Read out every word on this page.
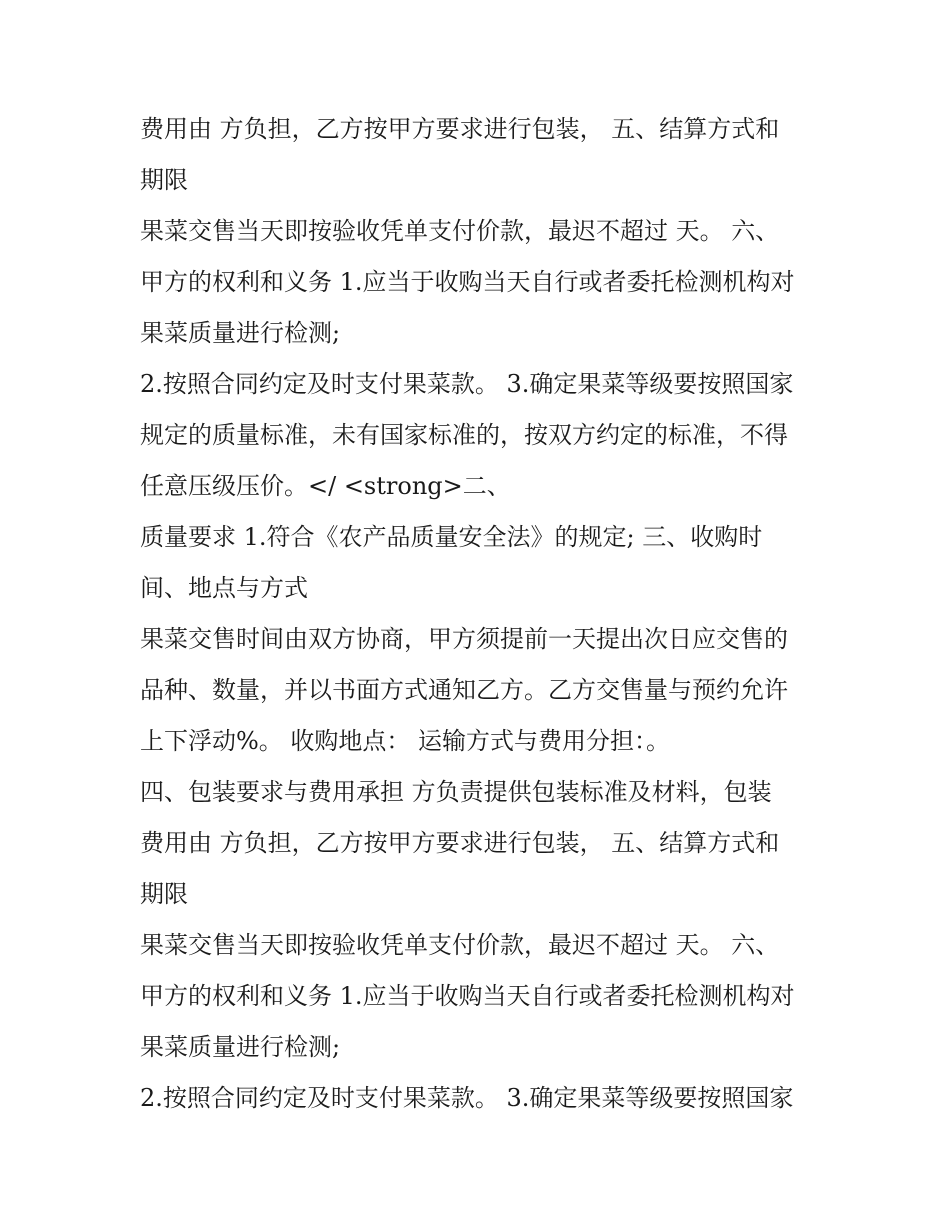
费用由 方负担，乙方按甲方要求进行包装， 五、结算方式和
期限
果菜交售当天即按验收凭单支付价款，最迟不超过 天。 六、
甲方的权利和义务 1.应当于收购当天自行或者委托检测机构对
果菜质量进行检测;
2.按照合同约定及时支付果菜款。 3.确定果菜等级要按照国家
规定的质量标准，未有国家标准的，按双方约定的标准，不得
任意压级压价。</ <strong>二、
质量要求 1.符合《农产品质量安全法》的规定; 三、收购时
间、地点与方式
果菜交售时间由双方协商，甲方须提前一天提出次日应交售的
品种、数量，并以书面方式通知乙方。乙方交售量与预约允许
上下浮动%。 收购地点： 运输方式与费用分担：。
四、包装要求与费用承担 方负责提供包装标准及材料，包装
费用由 方负担，乙方按甲方要求进行包装， 五、结算方式和
期限
果菜交售当天即按验收凭单支付价款，最迟不超过 天。 六、
甲方的权利和义务 1.应当于收购当天自行或者委托检测机构对
果菜质量进行检测;
2.按照合同约定及时支付果菜款。 3.确定果菜等级要按照国家
